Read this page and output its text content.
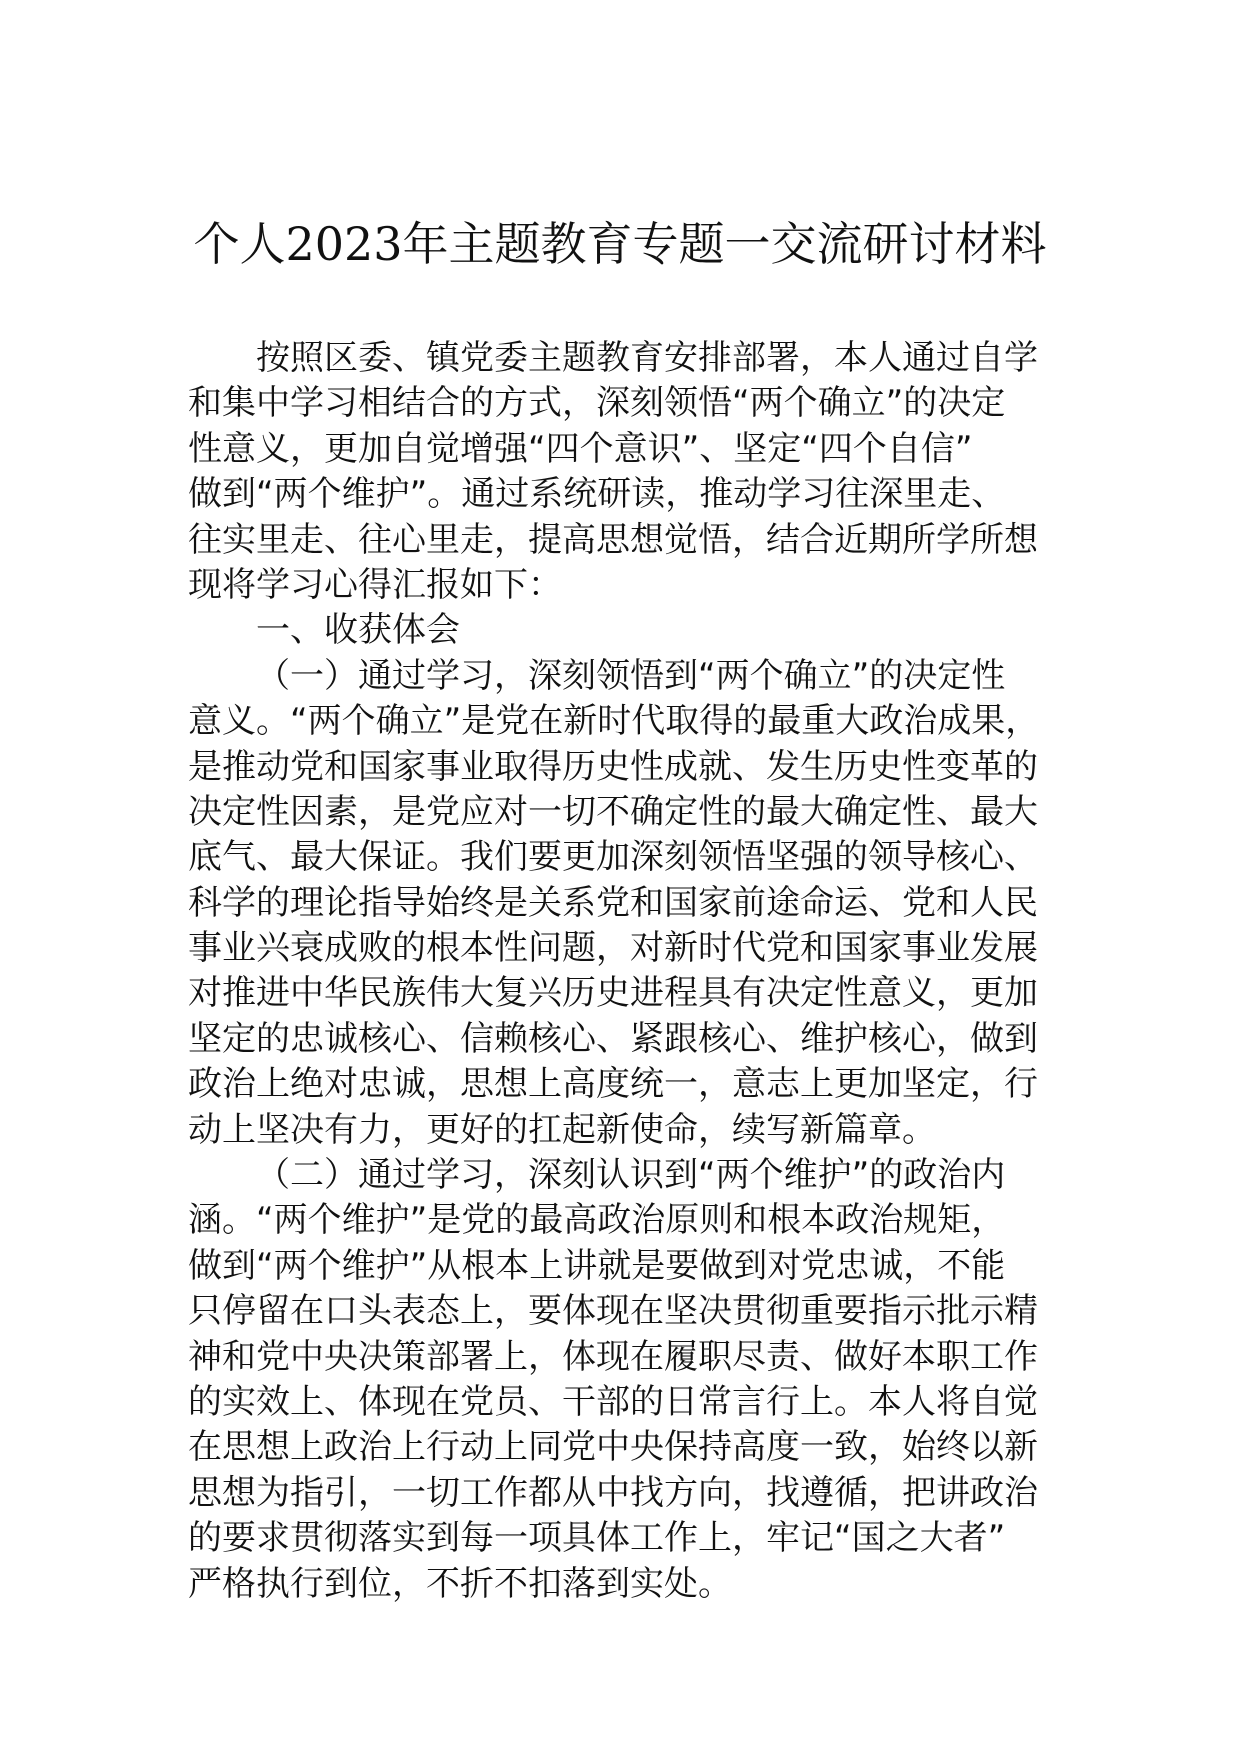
个人2023年主题教育专题一交流研讨材料
按照区委、镇党委主题教育安排部署，本人通过自学
和集中学习相结合的方式，深刻领悟“两个确立”的决定
性意义，更加自觉增强“四个意识”、坚定“四个自信”
做到“两个维护”。通过系统研读，推动学习往深里走、
往实里走、往心里走，提高思想觉悟，结合近期所学所想
现将学习心得汇报如下：
一、收获体会
（一）通过学习，深刻领悟到“两个确立”的决定性
意义。“两个确立”是党在新时代取得的最重大政治成果，
是推动党和国家事业取得历史性成就、发生历史性变革的
决定性因素，是党应对一切不确定性的最大确定性、最大
底气、最大保证。我们要更加深刻领悟坚强的领导核心、
科学的理论指导始终是关系党和国家前途命运、党和人民
事业兴衰成败的根本性问题，对新时代党和国家事业发展
对推进中华民族伟大复兴历史进程具有决定性意义，更加
坚定的忠诚核心、信赖核心、紧跟核心、维护核心，做到
政治上绝对忠诚，思想上高度统一，意志上更加坚定，行
动上坚决有力，更好的扛起新使命，续写新篇章。
（二）通过学习，深刻认识到“两个维护”的政治内
涵。“两个维护”是党的最高政治原则和根本政治规矩，
做到“两个维护”从根本上讲就是要做到对党忠诚，不能
只停留在口头表态上，要体现在坚决贯彻重要指示批示精
神和党中央决策部署上，体现在履职尽责、做好本职工作
的实效上、体现在党员、干部的日常言行上。本人将自觉
在思想上政治上行动上同党中央保持高度一致，始终以新
思想为指引，一切工作都从中找方向，找遵循，把讲政治
的要求贯彻落实到每一项具体工作上，牢记“国之大者”
严格执行到位，不折不扣落到实处。
